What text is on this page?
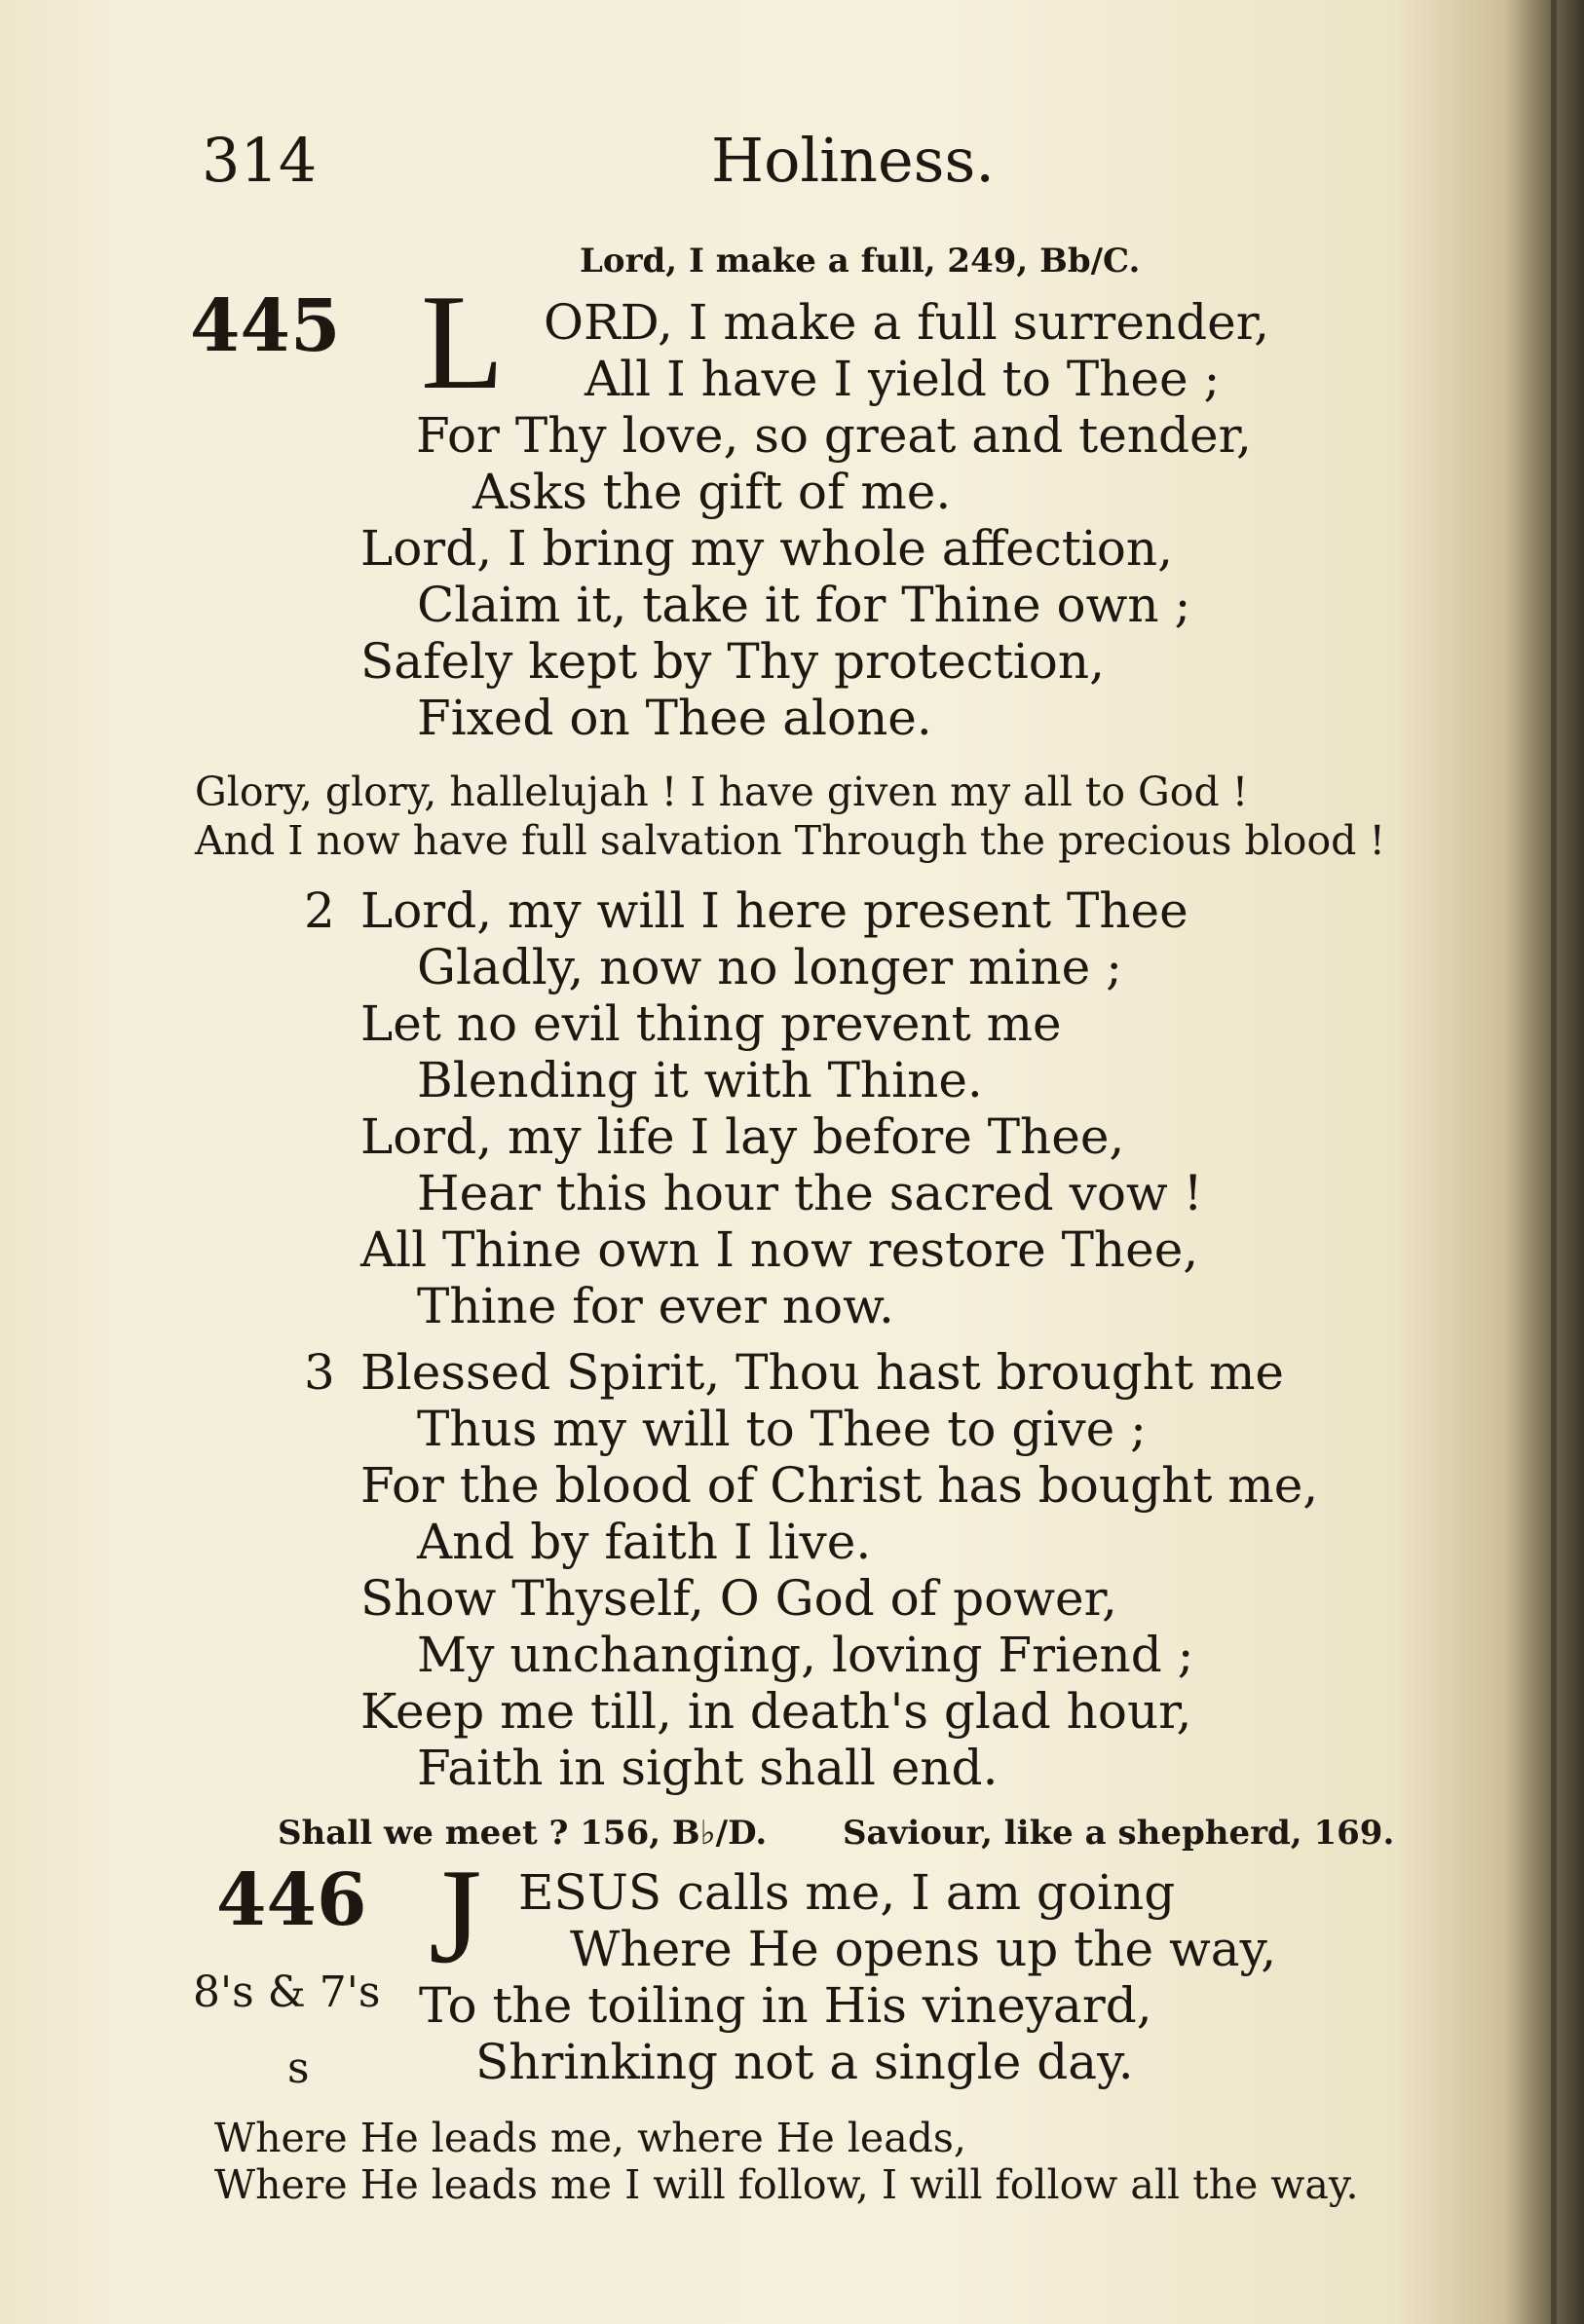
314	Holiness.
Lord, I make a full, 249, Bb/C.
445 L ORD, I make a full surrender,
All I have I yield to Thee ;
For Thy love, so great and tender,
Asks the gift of me.
Lord, I bring my whole affection,
Claim it, take it for Thine own ;
Safely kept by Thy protection,
Fixed on Thee alone.
Glory, glory, hallelujah ! I have given my all to God !
And I now have full salvation Through the precious blood !
2 Lord, my will I here present Thee
Gladly, now no longer mine ;
Let no evil thing prevent me
Blending it with Thine.
Lord, my life I lay before Thee,
Hear this hour the sacred vow !
All Thine own I now restore Thee,
Thine for ever now.
3 Blessed Spirit, Thou hast brought me
Thus my will to Thee to give ;
For the blood of Christ has bought me,
And by faith I live.
Show Thyself, O God of power,
My unchanging, loving Friend ;
Keep me till, in death's glad hour,
Faith in sight shall end.
Shall we meet ? 156, B♭/D. Saviour, like a shepherd, 169.
446 J
8's & 7's
s
ESUS calls me, I am going
Where He opens up the way,
To the toiling in His vineyard,
Shrinking not a single day.
Where He leads me, where He leads,
Where He leads me I will follow, I will follow all the way.
